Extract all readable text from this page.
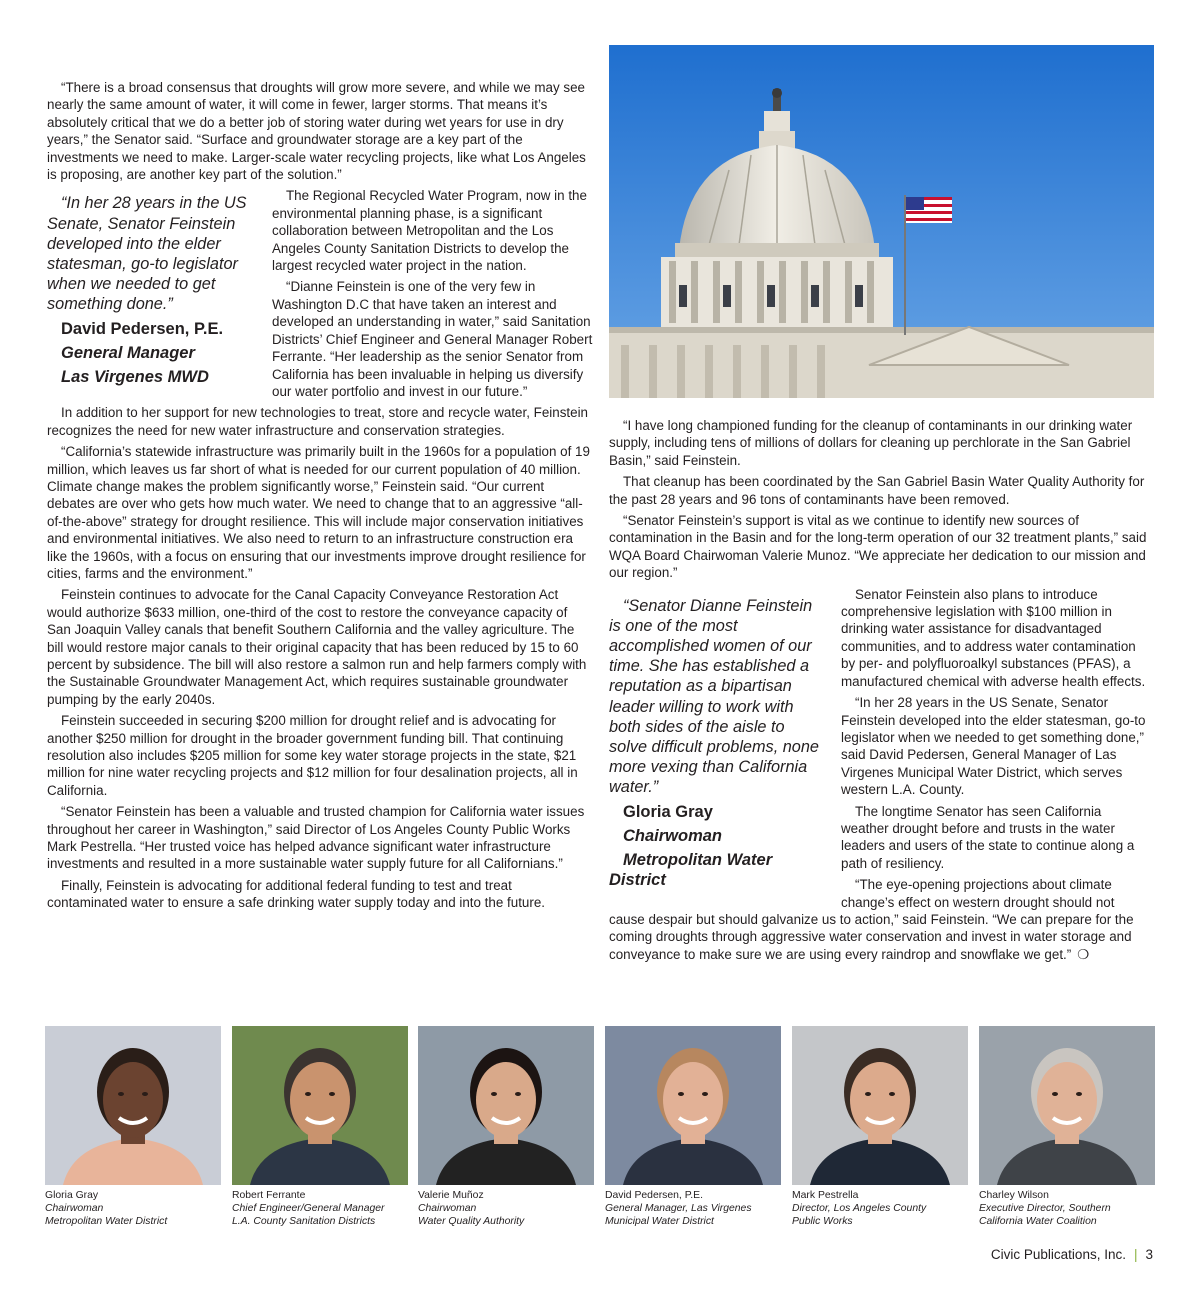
“There is a broad consensus that droughts will grow more severe, and while we may see nearly the same amount of water, it will come in fewer, larger storms. That means it’s absolutely critical that we do a better job of storing water during wet years for use in dry years,” the Senator said. “Surface and groundwater storage are a key part of the investments we need to make. Larger-scale water recycling projects, like what Los Angeles is proposing, are another key part of the solution.”

“In her 28 years in the US Senate, Senator Feinstein developed into the elder statesman, go-to legislator when we needed to get something done.”

David Pedersen, P.E.

General Manager

Las Virgenes MWD

The Regional Recycled Water Program, now in the environmental planning phase, is a significant collaboration between Metropolitan and the Los Angeles County Sanitation Districts to develop the largest recycled water project in the nation.

“Dianne Feinstein is one of the very few in Washington D.C that have taken an interest and developed an understanding in water,” said Sanitation Districts’ Chief Engineer and General Manager Robert Ferrante. “Her leadership as the senior Senator from California has been invaluable in helping us diversify our water portfolio and invest in our future.”

In addition to her support for new technologies to treat, store and recycle water, Feinstein recognizes the need for new water infrastructure and conservation strategies.

“California’s statewide infrastructure was primarily built in the 1960s for a population of 19 million, which leaves us far short of what is needed for our current population of 40 million. Climate change makes the problem significantly worse,” Feinstein said. “Our current debates are over who gets how much water. We need to change that to an aggressive “all-of-the-above” strategy for drought resilience. This will include major conservation initiatives and environmental initiatives. We also need to return to an infrastructure construction era like the 1960s, with a focus on ensuring that our investments improve drought resilience for cities, farms and the environment.”

Feinstein continues to advocate for the Canal Capacity Conveyance Restoration Act would authorize $633 million, one-third of the cost to restore the conveyance capacity of San Joaquin Valley canals that benefit Southern California and the valley agriculture. The bill would restore major canals to their original capacity that has been reduced by 15 to 60 percent by subsidence. The bill will also restore a salmon run and help farmers comply with the Sustainable Groundwater Management Act, which requires sustainable groundwater pumping by the early 2040s.

Feinstein succeeded in securing $200 million for drought relief and is advocating for another $250 million for drought in the broader government funding bill. That continuing resolution also includes $205 million for some key water storage projects in the state, $21 million for nine water recycling projects and $12 million for four desalination projects, all in California.

“Senator Feinstein has been a valuable and trusted champion for California water issues throughout her career in Washington,” said Director of Los Angeles County Public Works Mark Pestrella. “Her trusted voice has helped advance significant water infrastructure investments and resulted in a more sustainable water supply future for all Californians.”

Finally, Feinstein is advocating for additional federal funding to test and treat contaminated water to ensure a safe drinking water supply today and into the future.

“I have long championed funding for the cleanup of contaminants in our drinking water supply, including tens of millions of dollars for cleaning up perchlorate in the San Gabriel Basin,” said Feinstein.

That cleanup has been coordinated by the San Gabriel Basin Water Quality Authority for the past 28 years and 96 tons of contaminants have been removed.

“Senator Feinstein’s support is vital as we continue to identify new sources of contamination in the Basin and for the long-term operation of our 32 treatment plants,” said WQA Board Chairwoman Valerie Munoz. “We appreciate her dedication to our mission and our region.”

“Senator Dianne Feinstein is one of the most accomplished women of our time. She has established a reputation as a bipartisan leader willing to work with both sides of the aisle to solve difficult problems, none more vexing than California water.”

Gloria Gray

Chairwoman

Metropolitan Water District

Senator Feinstein also plans to introduce comprehensive legislation with $100 million in drinking water assistance for disadvantaged communities, and to address water contamination by per- and polyfluoroalkyl substances (PFAS), a manufactured chemical with adverse health effects.

“In her 28 years in the US Senate, Senator Feinstein developed into the elder statesman, go-to legislator when we needed to get something done,” said David Pedersen, General Manager of Las Virgenes Municipal Water District, which serves western L.A. County.

The longtime Senator has seen California weather drought before and trusts in the water leaders and users of the state to continue along a path of resiliency.

“The eye-opening projections about climate change’s effect on western drought should not cause despair but should galvanize us to action,” said Feinstein. “We can prepare for the coming droughts through aggressive water conservation and invest in water storage and conveyance to make sure we are using every raindrop and snowflake we get.” ❍

Gloria Gray
Chairwoman
Metropolitan Water District
Robert Ferrante
Chief Engineer/General Manager
L.A. County Sanitation Districts
Valerie Muñoz
Chairwoman
Water Quality Authority
David Pedersen, P.E.
General Manager, Las Virgenes
Municipal Water District
Mark Pestrella
Director, Los Angeles County
Public Works
Charley Wilson
Executive Director, Southern
California Water Coalition
Civic Publications, Inc. | 3
